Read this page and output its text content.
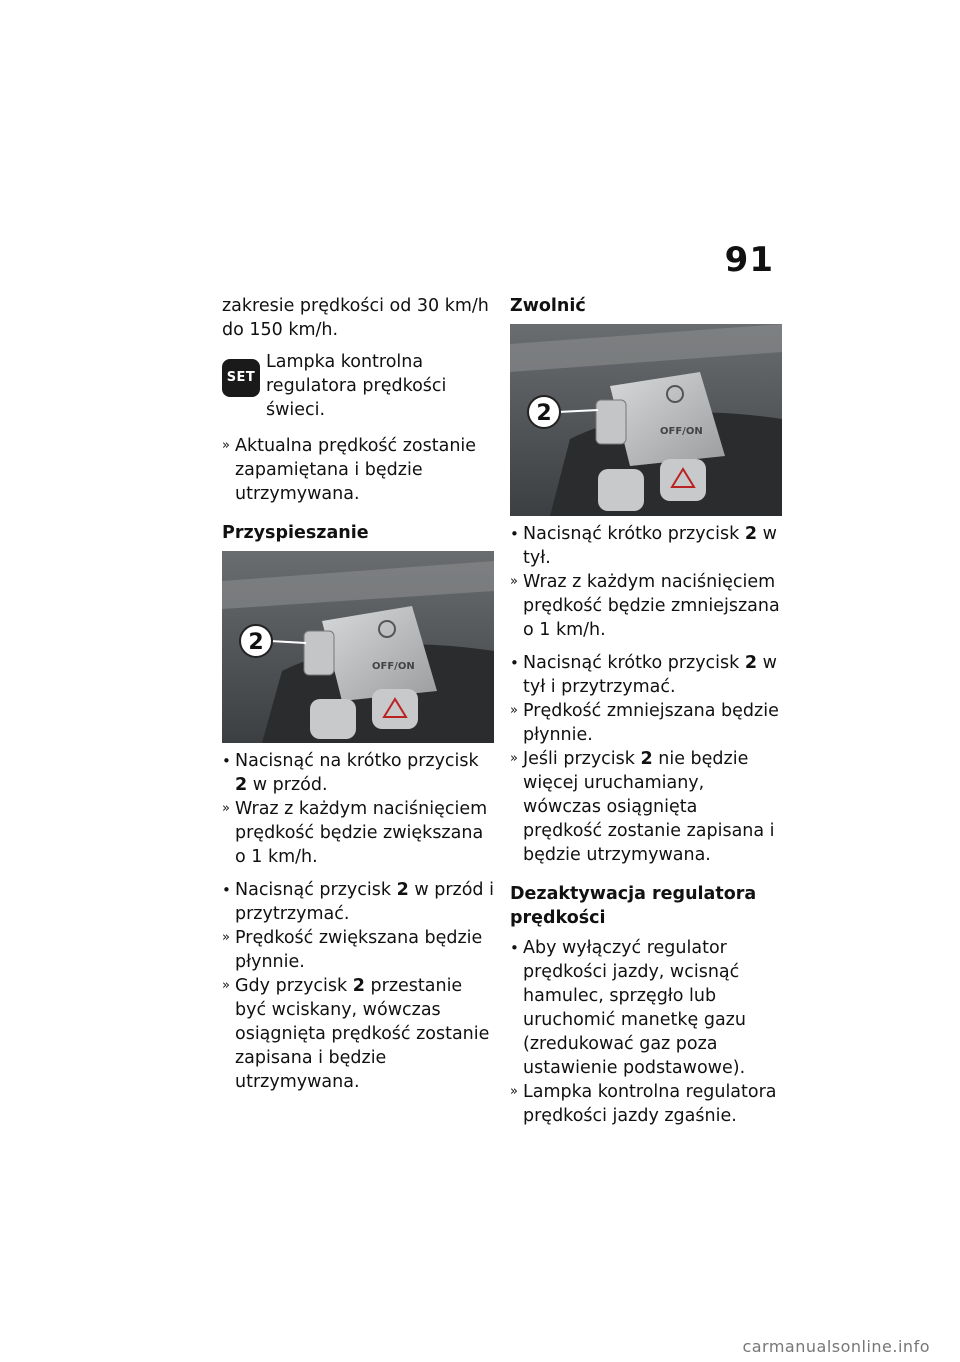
91

zakresie prędkości od 30 km/h do 150 km/h.

SET

Lampka kontrolna regulatora prędkości świeci.

» Aktualna prędkość zostanie zapamiętana i będzie utrzymywana.

Przyspieszanie

OFF/ON
2
• Nacisnąć na krótko przycisk 2 w przód.

» Wraz z każdym naciśnięciem prędkość będzie zwiększana o 1 km/h.

• Nacisnąć przycisk 2 w przód i przytrzymać.

» Prędkość zwiększana będzie płynnie.

» Gdy przycisk 2 przestanie być wciskany, wówczas osiągnięta prędkość zostanie zapisana i będzie utrzymywana.

Zwolnić

OFF/ON
2
• Nacisnąć krótko przycisk 2 w tył.

» Wraz z każdym naciśnięciem prędkość będzie zmniejszana o 1 km/h.

• Nacisnąć krótko przycisk 2 w tył i przytrzymać.

» Prędkość zmniejszana będzie płynnie.

» Jeśli przycisk 2 nie będzie więcej uruchamiany, wówczas osiągnięta prędkość zostanie zapisana i będzie utrzymywana.

Dezaktywacja regulatora prędkości

• Aby wyłączyć regulator prędkości jazdy, wcisnąć hamulec, sprzęgło lub uruchomić manetkę gazu (zredukować gaz poza ustawienie podstawowe).

» Lampka kontrolna regulatora prędkości jazdy zgaśnie.

carmanualsonline.info
